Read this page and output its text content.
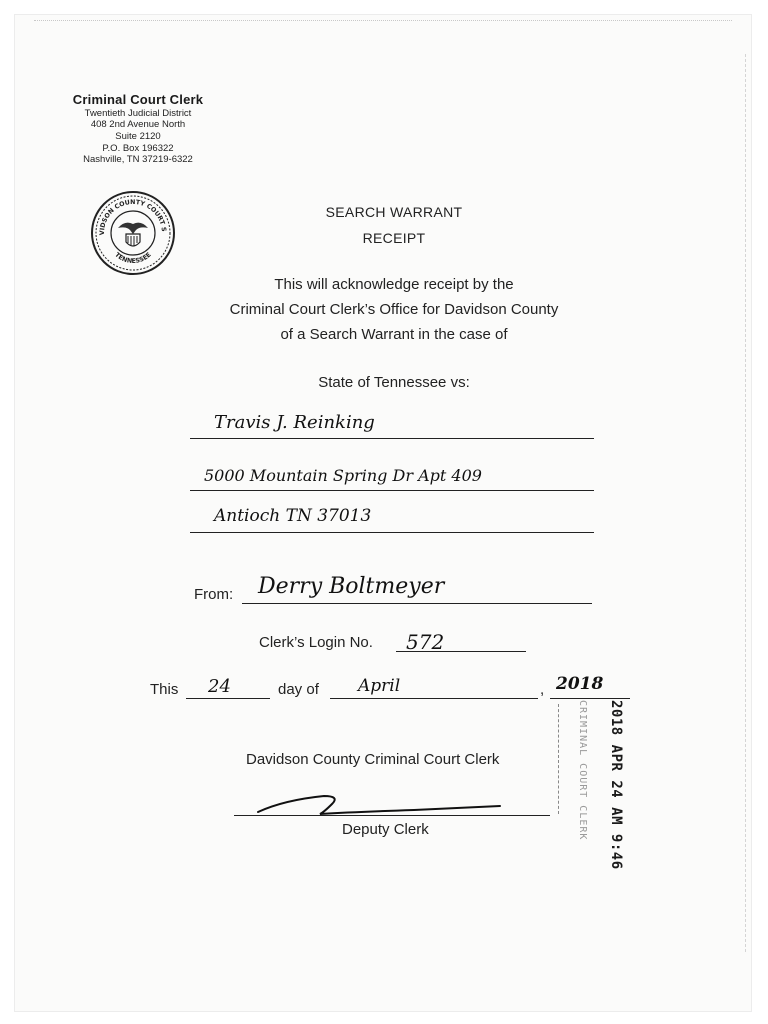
Criminal Court Clerk
Twentieth Judicial District
408 2nd Avenue North
Suite 2120
P.O. Box 196322
Nashville, TN 37219-6322
VIDSON COUNTY COURT S
TENNESSEE
SEARCH WARRANT
RECEIPT
This will acknowledge receipt by the
Criminal Court Clerk’s Office for Davidson County
of a Search Warrant in the case of
State of Tennessee vs:
Travis J. Reinking
5000 Mountain Spring Dr Apt 409
Antioch TN 37013
From: Derry Boltmeyer
Clerk’s Login No. 572
This 24	day of April	, 2018
Davidson County Criminal Court Clerk
Deputy Clerk	2018 APR 24 AM 9:46
CRIMINAL COURT CLERK
